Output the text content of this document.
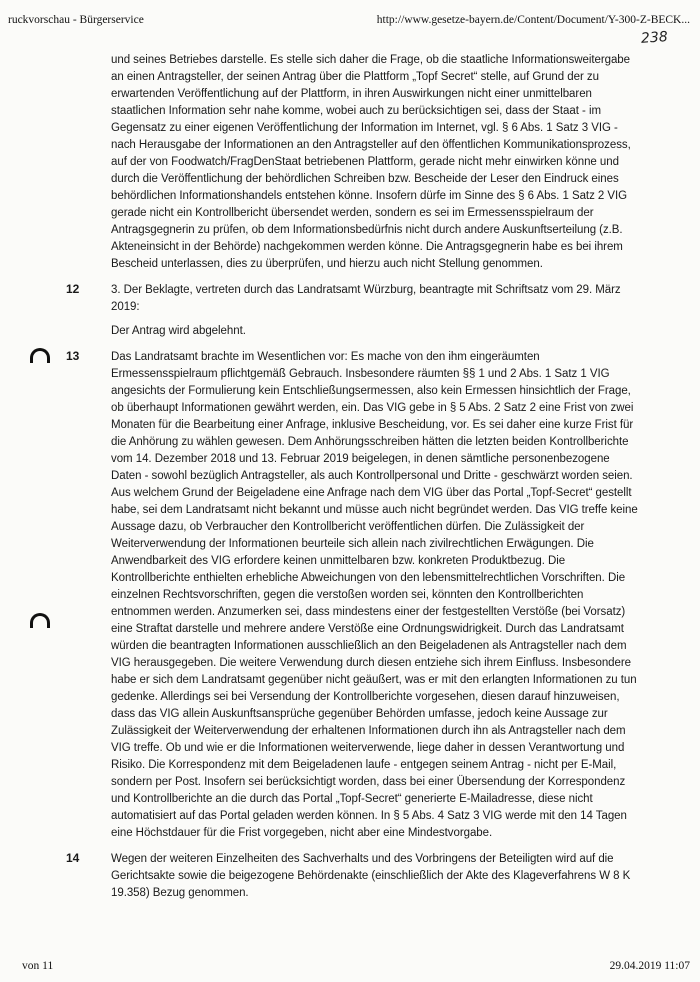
ruckvorschau - Bürgerservice	http://www.gesetze-bayern.de/Content/Document/Y-300-Z-BECK...
238
und seines Betriebes darstelle. Es stelle sich daher die Frage, ob die staatliche Informationsweitergabe an einen Antragsteller, der seinen Antrag über die Plattform „Topf Secret“ stelle, auf Grund der zu erwartenden Veröffentlichung auf der Plattform, in ihren Auswirkungen nicht einer unmittelbaren staatlichen Information sehr nahe komme, wobei auch zu berücksichtigen sei, dass der Staat - im Gegensatz zu einer eigenen Veröffentlichung der Information im Internet, vgl. § 6 Abs. 1 Satz 3 VIG - nach Herausgabe der Informationen an den Antragsteller auf den öffentlichen Kommunikationsprozess, auf der von Foodwatch/FragDenStaat betriebenen Plattform, gerade nicht mehr einwirken könne und durch die Veröffentlichung der behördlichen Schreiben bzw. Bescheide der Leser den Eindruck eines behördlichen Informationshandels entstehen könne. Insofern dürfe im Sinne des § 6 Abs. 1 Satz 2 VIG gerade nicht ein Kontrollbericht übersendet werden, sondern es sei im Ermessensspielraum der Antragsgegnerin zu prüfen, ob dem Informationsbedürfnis nicht durch andere Auskunftserteilung (z.B. Akteneinsicht in der Behörde) nachgekommen werden könne. Die Antragsgegnerin habe es bei ihrem Bescheid unterlassen, dies zu überprüfen, und hierzu auch nicht Stellung genommen.
12	3. Der Beklagte, vertreten durch das Landratsamt Würzburg, beantragte mit Schriftsatz vom 29. März 2019:
Der Antrag wird abgelehnt.
13	Das Landratsamt brachte im Wesentlichen vor: Es mache von den ihm eingeräumten Ermessensspielraum pflichtgemäß Gebrauch. Insbesondere räumten §§ 1 und 2 Abs. 1 Satz 1 VIG angesichts der Formulierung kein Entschließungsermessen, also kein Ermessen hinsichtlich der Frage, ob überhaupt Informationen gewährt werden, ein. Das VIG gebe in § 5 Abs. 2 Satz 2 eine Frist von zwei Monaten für die Bearbeitung einer Anfrage, inklusive Bescheidung, vor. Es sei daher eine kurze Frist für die Anhörung zu wählen gewesen. Dem Anhörungsschreiben hätten die letzten beiden Kontrollberichte vom 14. Dezember 2018 und 13. Februar 2019 beigelegen, in denen sämtliche personenbezogene Daten - sowohl bezüglich Antragsteller, als auch Kontrollpersonal und Dritte - geschwärzt worden seien. Aus welchem Grund der Beigeladene eine Anfrage nach dem VIG über das Portal „Topf-Secret“ gestellt habe, sei dem Landratsamt nicht bekannt und müsse auch nicht begründet werden. Das VIG treffe keine Aussage dazu, ob Verbraucher den Kontrollbericht veröffentlichen dürfen. Die Zulässigkeit der Weiterverwendung der Informationen beurteile sich allein nach zivilrechtlichen Erwägungen. Die Anwendbarkeit des VIG erfordere keinen unmittelbaren bzw. konkreten Produktbezug. Die Kontrollberichte enthielten erhebliche Abweichungen von den lebensmittelrechtlichen Vorschriften. Die einzelnen Rechtsvorschriften, gegen die verstoßen worden sei, könnten den Kontrollberichten entnommen werden. Anzumerken sei, dass mindestens einer der festgestellten Verstöße (bei Vorsatz) eine Straftat darstelle und mehrere andere Verstöße eine Ordnungswidrigkeit. Durch das Landratsamt würden die beantragten Informationen ausschließlich an den Beigeladenen als Antragsteller nach dem VIG herausgegeben. Die weitere Verwendung durch diesen entziehe sich ihrem Einfluss. Insbesondere habe er sich dem Landratsamt gegenüber nicht geäußert, was er mit den erlangten Informationen zu tun gedenke. Allerdings sei bei Versendung der Kontrollberichte vorgesehen, diesen darauf hinzuweisen, dass das VIG allein Auskunftsansprüche gegenüber Behörden umfasse, jedoch keine Aussage zur Zulässigkeit der Weiterverwendung der erhaltenen Informationen durch ihn als Antragsteller nach dem VIG treffe. Ob und wie er die Informationen weiterverwende, liege daher in dessen Verantwortung und Risiko. Die Korrespondenz mit dem Beigeladenen laufe - entgegen seinem Antrag - nicht per E-Mail, sondern per Post. Insofern sei berücksichtigt worden, dass bei einer Übersendung der Korrespondenz und Kontrollberichte an die durch das Portal „Topf-Secret“ generierte E-Mailadresse, diese nicht automatisiert auf das Portal geladen werden können. In § 5 Abs. 4 Satz 3 VIG werde mit den 14 Tagen eine Höchstdauer für die Frist vorgegeben, nicht aber eine Mindestvorgabe.
14	Wegen der weiteren Einzelheiten des Sachverhalts und des Vorbringens der Beteiligten wird auf die Gerichtsakte sowie die beigezogene Behördenakte (einschließlich der Akte des Klageverfahrens W 8 K 19.358) Bezug genommen.
von 11	29.04.2019 11:07
